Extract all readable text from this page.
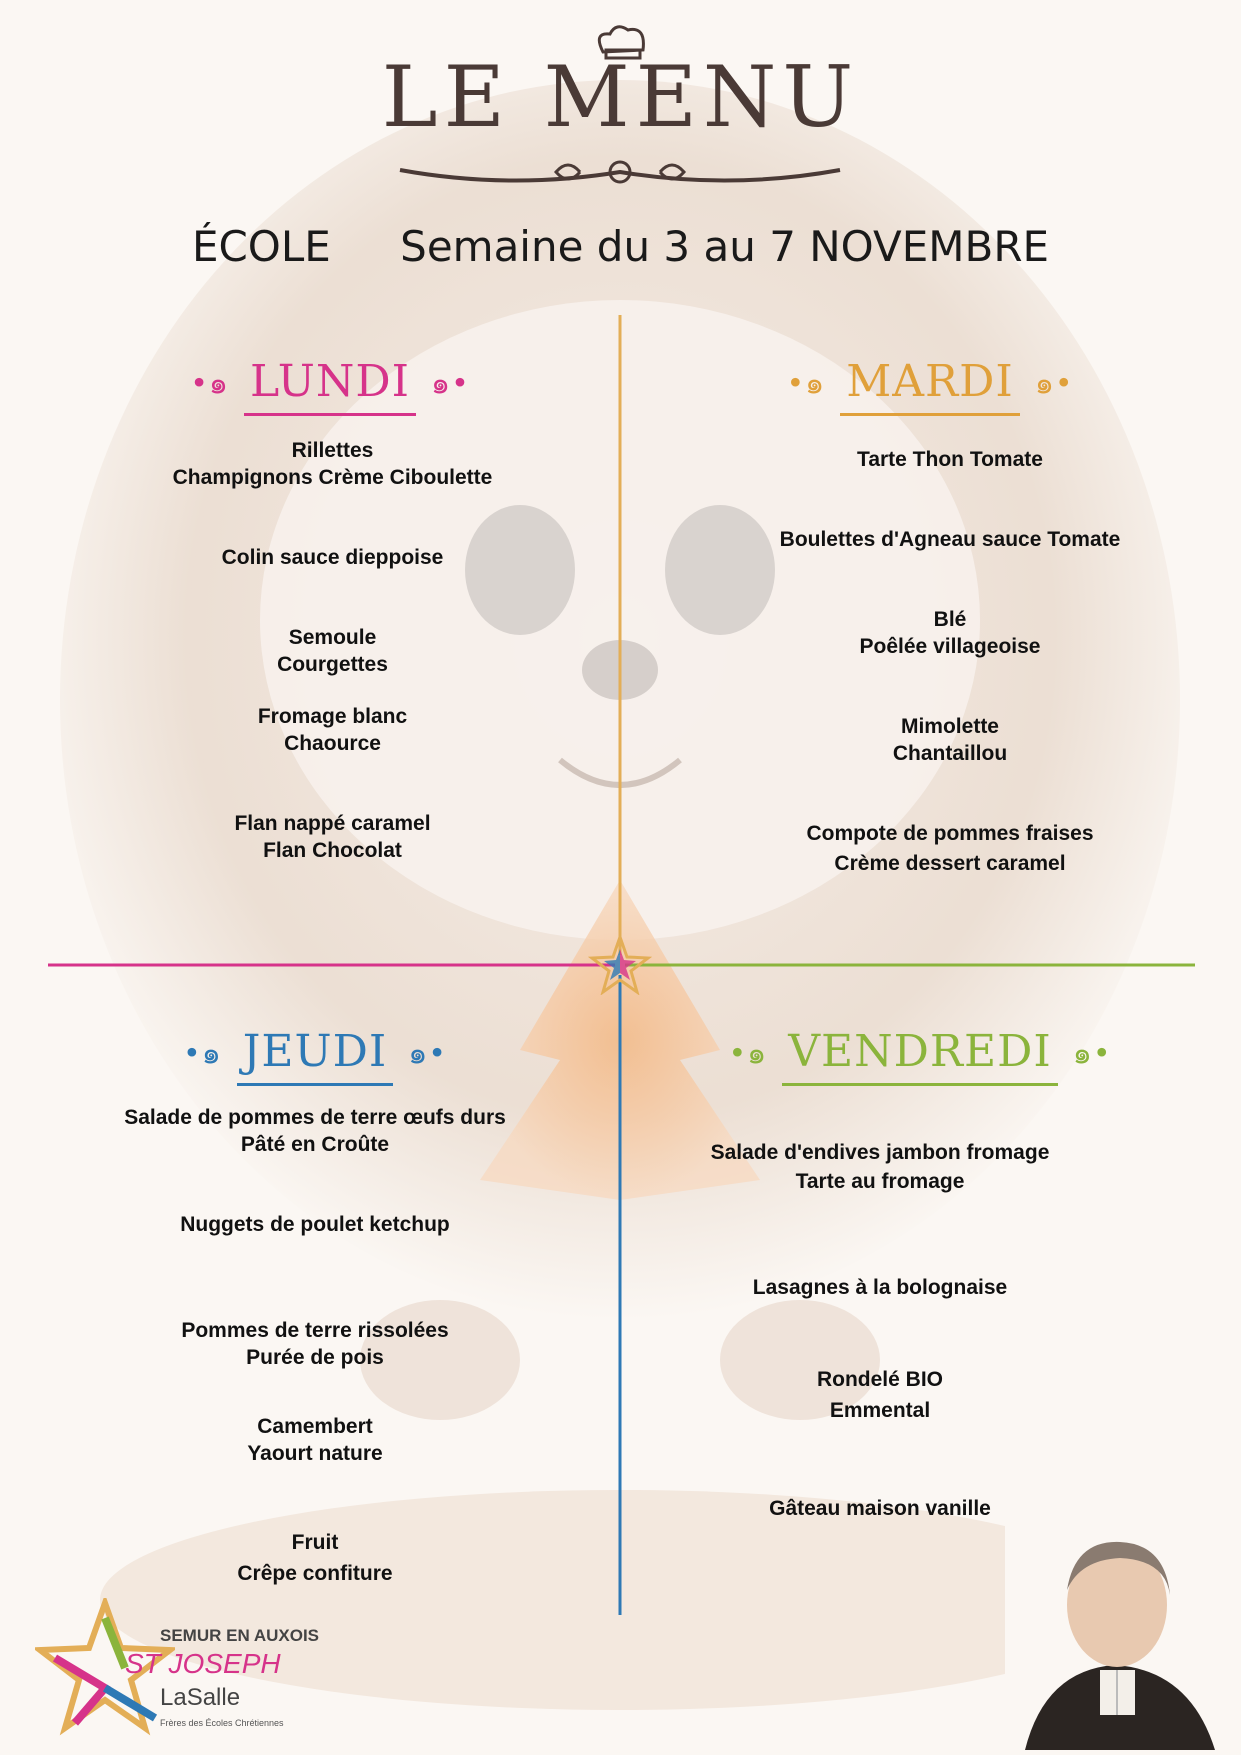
LE MENU
ÉCOLE Semaine du 3 au 7 NOVEMBRE
•๑ LUNDI ๑•
Rillettes
Champignons Crème Ciboulette
Colin sauce dieppoise
Semoule
Courgettes
Fromage blanc
Chaource
Flan nappé caramel
Flan Chocolat
•๑ MARDI ๑•
Tarte Thon Tomate
Boulettes d'Agneau sauce Tomate
Blé
Poêlée villageoise
Mimolette
Chantaillou
Compote de pommes fraises
Crème dessert caramel
•๑ JEUDI ๑•
Salade de pommes de terre œufs durs
Pâté en Croûte
Nuggets de poulet ketchup
Pommes de terre rissolées
Purée de pois
Camembert
Yaourt nature
Fruit
Crêpe confiture
•๑ VENDREDI ๑•
Salade d'endives jambon fromage
Tarte au fromage
Lasagnes à la bolognaise
Rondelé BIO
Emmental
Gâteau maison vanille
SEMUR EN AUXOIS
ST JOSEPH
LaSalle
Frères des Écoles Chrétiennes
